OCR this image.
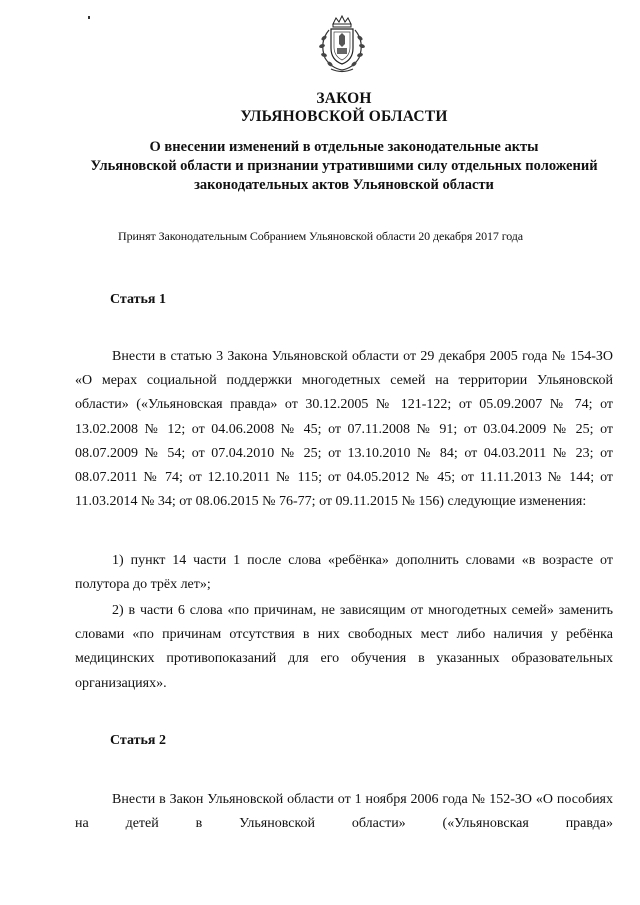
ЗАКОН
УЛЬЯНОВСКОЙ ОБЛАСТИ
О внесении изменений в отдельные законодательные акты
Ульяновской области и признании утратившими силу отдельных положений
законодательных актов Ульяновской области
Принят Законодательным Собранием Ульяновской области 20 декабря 2017 года
Статья 1
Внести в статью 3 Закона Ульяновской области от 29 декабря 2005 года № 154-ЗО «О мерах социальной поддержки многодетных семей на территории Ульяновской области» («Ульяновская правда» от 30.12.2005 № 121-122; от 05.09.2007 № 74; от 13.02.2008 № 12; от 04.06.2008 № 45; от 07.11.2008 № 91; от 03.04.2009 № 25; от 08.07.2009 № 54; от 07.04.2010 № 25; от 13.10.2010 № 84; от 04.03.2011 № 23; от 08.07.2011 № 74; от 12.10.2011 № 115; от 04.05.2012 № 45; от 11.11.2013 № 144; от 11.03.2014 № 34; от 08.06.2015 № 76-77; от 09.11.2015 № 156) следующие изменения:
1) пункт 14 части 1 после слова «ребёнка» дополнить словами «в возрасте от полутора до трёх лет»;
2) в части 6 слова «по причинам, не зависящим от многодетных семей» заменить словами «по причинам отсутствия в них свободных мест либо наличия у ребёнка медицинских противопоказаний для его обучения в указанных образовательных организациях».
Статья 2
Внести в Закон Ульяновской области от 1 ноября 2006 года № 152-ЗО «О пособиях на детей в Ульяновской области» («Ульяновская правда»
